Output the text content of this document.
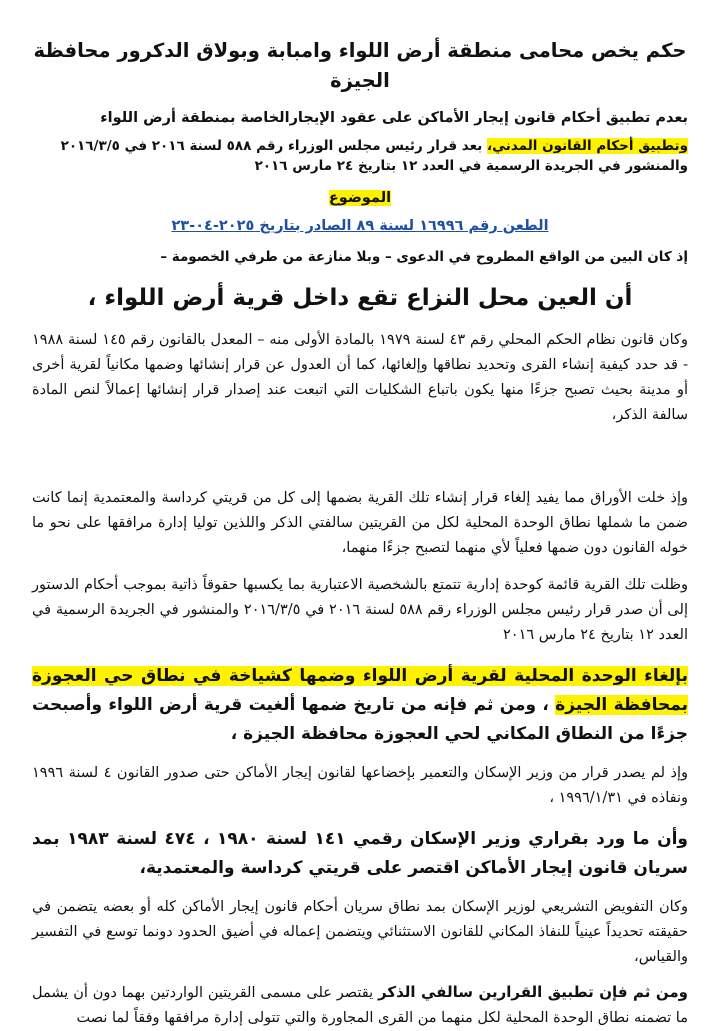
حكم يخص محامى منطقة أرض اللواء وامبابة وبولاق الدكرور محافظة الجيزة

بعدم تطبيق أحكام قانون إيجار الأماكن على عقود الإيجارالخاصة بمنطقة أرض اللواء

وتطبيق أحكام القانون المدني، بعد قرار رئيس مجلس الوزراء رقم ٥٨٨ لسنة ٢٠١٦ في ٢٠١٦/٣/٥ والمنشور في الجريدة الرسمية في العدد ١٢ بتاريخ ٢٤ مارس ٢٠١٦

الموضوع

الطعن رقم ١٦٩٩٦ لسنة ٨٩ الصادر بتاريخ ٢٠٢٥-٠٤-٢٣

إذ كان البين من الواقع المطروح في الدعوى – وبلا منازعة من طرفي الخصومة –

أن العين محل النزاع تقع داخل قرية أرض اللواء ،

وكان قانون نظام الحكم المحلي رقم ٤٣ لسنة ١٩٧٩ بالمادة الأولى منه – المعدل بالقانون رقم ١٤٥ لسنة ١٩٨٨ - قد حدد كيفية إنشاء القرى وتحديد نطاقها وإلغائها، كما أن العدول عن قرار إنشائها وضمها مكانياً لقرية أخرى أو مدينة بحيث تصبح جزءًا منها يكون باتباع الشكليات التي اتبعت عند إصدار قرار إنشائها إعمالاً لنص المادة سالفة الذكر،

وإذ خلت الأوراق مما يفيد إلغاء قرار إنشاء تلك القرية بضمها إلى كل من قريتي كرداسة والمعتمدية إنما كانت ضمن ما شملها نطاق الوحدة المحلية لكل من القريتين سالفتي الذكر واللذين توليا إدارة مرافقها على نحو ما خوله القانون دون ضمها فعلياً لأي منهما لتصبح جزءًا منهما،

وظلت تلك القرية قائمة كوحدة إدارية تتمتع بالشخصية الاعتبارية بما يكسبها حقوقاً ذاتية بموجب أحكام الدستور إلى أن صدر قرار رئيس مجلس الوزراء رقم ٥٨٨ لسنة ٢٠١٦ في ٢٠١٦/٣/٥ والمنشور في الجريدة الرسمية في العدد ١٢ بتاريخ ٢٤ مارس ٢٠١٦

بإلغاء الوحدة المحلية لقرية أرض اللواء وضمها كشياخة في نطاق حي العجوزة بمحافظة الجيزة ، ومن ثم فإنه من تاريخ ضمها ألغيت قرية أرض اللواء وأصبحت جزءًا من النطاق المكاني لحي العجوزة محافظة الجيزة ،

وإذ لم يصدر قرار من وزير الإسكان والتعمير بإخضاعها لقانون إيجار الأماكن حتى صدور القانون ٤ لسنة ١٩٩٦ ونفاذه في ١٩٩٦/١/٣١ ،

وأن ما ورد بقراري وزير الإسكان رقمي ١٤١ لسنة ١٩٨٠ ، ٤٧٤ لسنة ١٩٨٣ بمد سريان قانون إيجار الأماكن اقتصر على قريتي كرداسة والمعتمدية،

وكان التفويض التشريعي لوزير الإسكان بمد نطاق سريان أحكام قانون إيجار الأماكن كله أو بعضه يتضمن في حقيقته تحديداً عينياً للنفاذ المكاني للقانون الاستثنائي ويتضمن إعماله في أضيق الحدود دونما توسع في التفسير والقياس،

ومن ثم فإن تطبيق القرارين سالفي الذكر يقتصر على مسمى القريتين الواردتين بهما دون أن يشمل ما تضمنه نطاق الوحدة المحلية لكل منهما من القرى المجاورة والتي تتولى إدارة مرافقها وفقاً لما نصت
